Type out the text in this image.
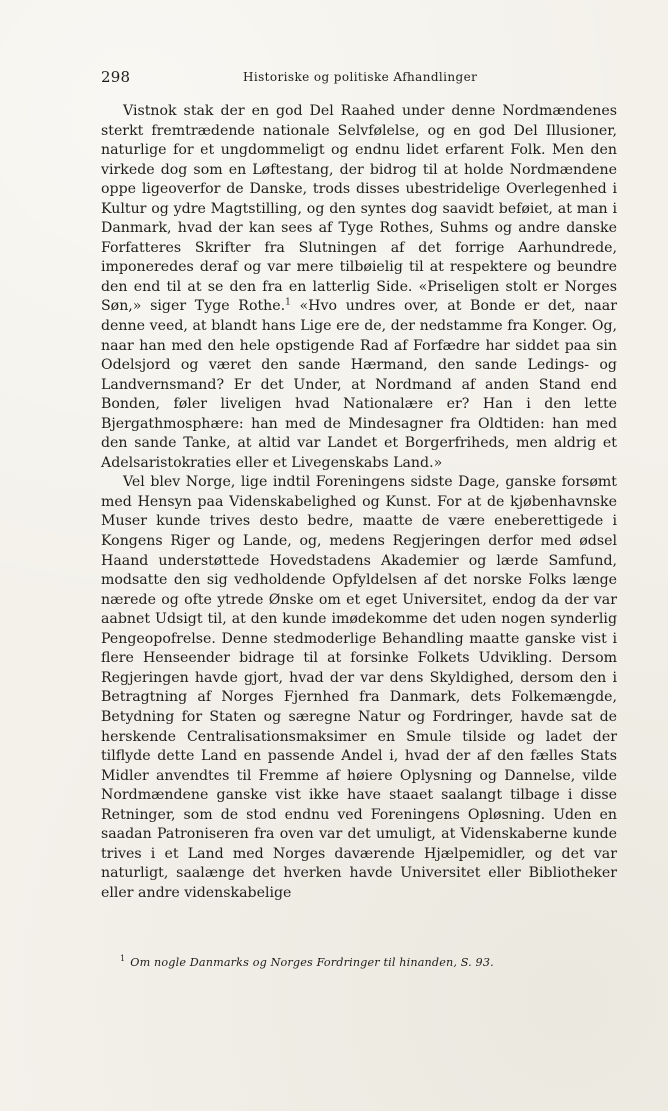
298	Historiske og politiske Afhandlinger

Vistnok stak der en god Del Raahed under denne Nordmændenes sterkt fremtrædende nationale Selvfølelse, og en god Del Illusioner, naturlige for et ungdommeligt og endnu lidet erfarent Folk. Men den virkede dog som en Løftestang, der bidrog til at holde Nordmændene oppe ligeoverfor de Danske, trods disses ubestridelige Overlegenhed i Kultur og ydre Magtstilling, og den syntes dog saavidt beføiet, at man i Danmark, hvad der kan sees af Tyge Rothes, Suhms og andre danske Forfatteres Skrifter fra Slutningen af det forrige Aarhundrede, imponeredes deraf og var mere tilbøielig til at respektere og beundre den end til at se den fra en latterlig Side. «Priseligen stolt er Norges Søn,» siger Tyge Rothe.$^1$ «Hvo undres over, at Bonde er det, naar denne veed, at blandt hans Lige ere de, der nedstamme fra Konger. Og, naar han med den hele opstigende Rad af Forfædre har siddet paa sin Odelsjord og været den sande Hærmand, den sande Ledings- og Landvernsmand? Er det Under, at Nordmand af anden Stand end Bonden, føler liveligen hvad Nationalære er? Han i den lette Bjergathmosphære: han med de Mindesagner fra Oldtiden: han med den sande Tanke, at altid var Landet et Borgerfriheds, men aldrig et Adelsaristokraties eller et Livegenskabs Land.»

Vel blev Norge, lige indtil Foreningens sidste Dage, ganske forsømt med Hensyn paa Videnskabelighed og Kunst. For at de kjøbenhavnske Muser kunde trives desto bedre, maatte de være eneberettigede i Kongens Riger og Lande, og, medens Regjeringen derfor med ødsel Haand understøttede Hovedstadens Akademier og lærde Samfund, modsatte den sig vedholdende Opfyldelsen af det norske Folks længe nærede og ofte ytrede Ønske om et eget Universitet, endog da der var aabnet Udsigt til, at den kunde imødekomme det uden nogen synderlig Pengeopofrelse. Denne stedmoderlige Behandling maatte ganske vist i flere Henseender bidrage til at forsinke Folkets Udvikling. Dersom Regjeringen havde gjort, hvad der var dens Skyldighed, dersom den i Betragtning af Norges Fjernhed fra Danmark, dets Folkemængde, Betydning for Staten og særegne Natur og Fordringer, havde sat de herskende Centralisationsmaksimer en Smule tilside og ladet der tilflyde dette Land en passende Andel i, hvad der af den fælles Stats Midler anvendtes til Fremme af høiere Oplysning og Dannelse, vilde Nordmændene ganske vist ikke have staaet saalangt tilbage i disse Retninger, som de stod endnu ved Foreningens Opløsning. Uden en saadan Patroniseren fra oven var det umuligt, at Videnskaberne kunde trives i et Land med Norges daværende Hjælpemidler, og det var naturligt, saalænge det hverken havde Universitet eller Bibliotheker eller andre videnskabelige

$^1$ Om nogle Danmarks og Norges Fordringer til hinanden, S. 93.
